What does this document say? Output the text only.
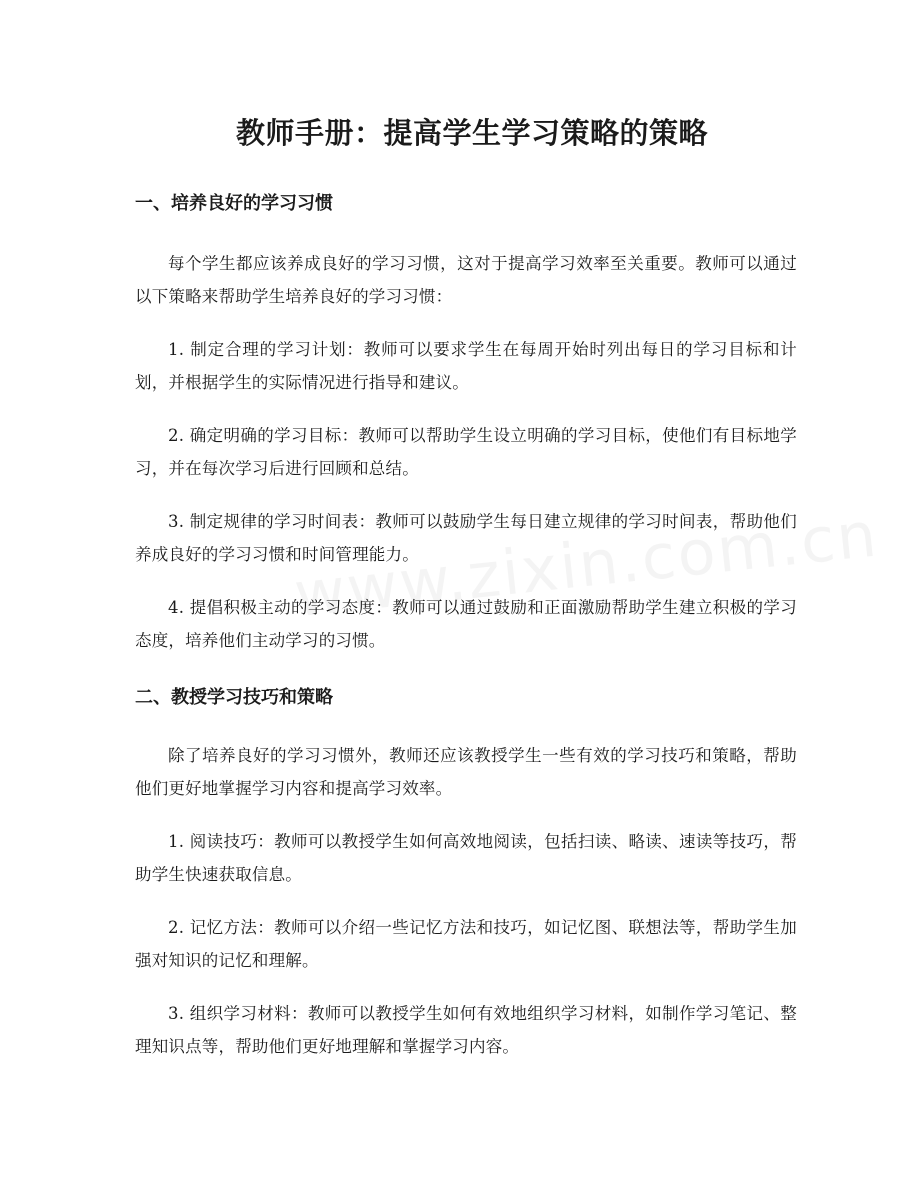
教师手册：提高学生学习策略的策略
一、培养良好的学习习惯

每个学生都应该养成良好的学习习惯，这对于提高学习效率至关重要。教师可以通过以下策略来帮助学生培养良好的学习习惯：

1. 制定合理的学习计划：教师可以要求学生在每周开始时列出每日的学习目标和计划，并根据学生的实际情况进行指导和建议。

2. 确定明确的学习目标：教师可以帮助学生设立明确的学习目标，使他们有目标地学习，并在每次学习后进行回顾和总结。

3. 制定规律的学习时间表：教师可以鼓励学生每日建立规律的学习时间表，帮助他们养成良好的学习习惯和时间管理能力。

4. 提倡积极主动的学习态度：教师可以通过鼓励和正面激励帮助学生建立积极的学习态度，培养他们主动学习的习惯。

二、教授学习技巧和策略

除了培养良好的学习习惯外，教师还应该教授学生一些有效的学习技巧和策略，帮助他们更好地掌握学习内容和提高学习效率。

1. 阅读技巧：教师可以教授学生如何高效地阅读，包括扫读、略读、速读等技巧，帮助学生快速获取信息。

2. 记忆方法：教师可以介绍一些记忆方法和技巧，如记忆图、联想法等，帮助学生加强对知识的记忆和理解。

3. 组织学习材料：教师可以教授学生如何有效地组织学习材料，如制作学习笔记、整理知识点等，帮助他们更好地理解和掌握学习内容。
